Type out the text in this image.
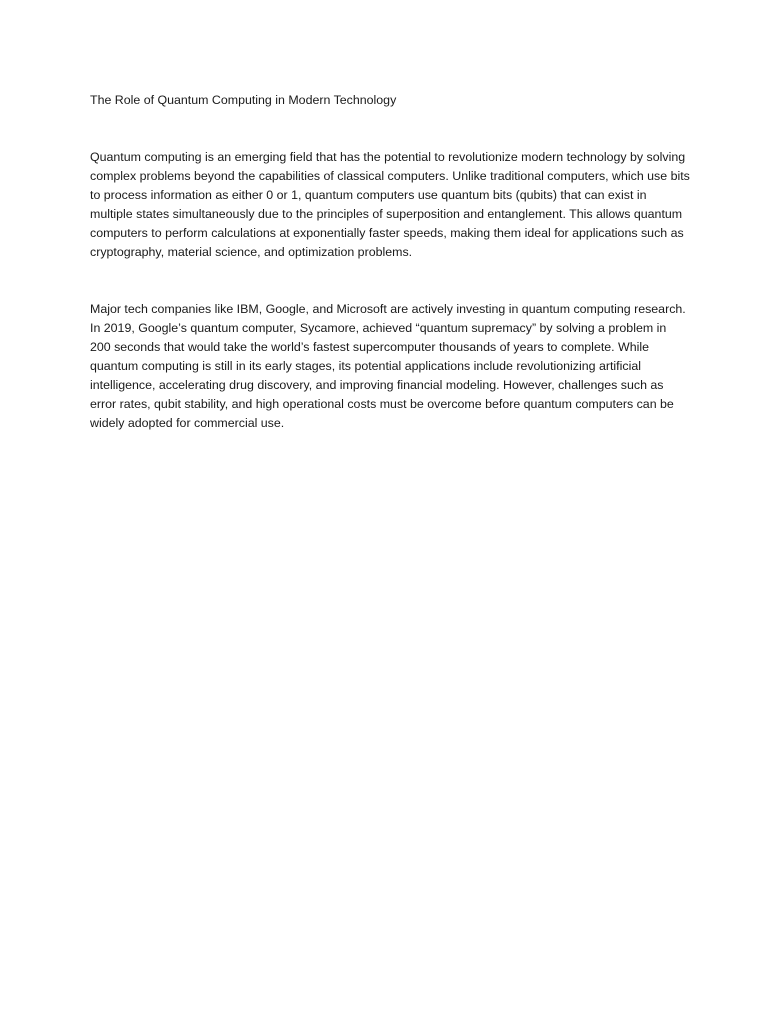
The Role of Quantum Computing in Modern Technology

Quantum computing is an emerging field that has the potential to revolutionize modern technology by solving complex problems beyond the capabilities of classical computers. Unlike traditional computers, which use bits to process information as either 0 or 1, quantum computers use quantum bits (qubits) that can exist in multiple states simultaneously due to the principles of superposition and entanglement. This allows quantum computers to perform calculations at exponentially faster speeds, making them ideal for applications such as cryptography, material science, and optimization problems.

Major tech companies like IBM, Google, and Microsoft are actively investing in quantum computing research. In 2019, Google’s quantum computer, Sycamore, achieved “quantum supremacy” by solving a problem in 200 seconds that would take the world’s fastest supercomputer thousands of years to complete. While quantum computing is still in its early stages, its potential applications include revolutionizing artificial intelligence, accelerating drug discovery, and improving financial modeling. However, challenges such as error rates, qubit stability, and high operational costs must be overcome before quantum computers can be widely adopted for commercial use.
